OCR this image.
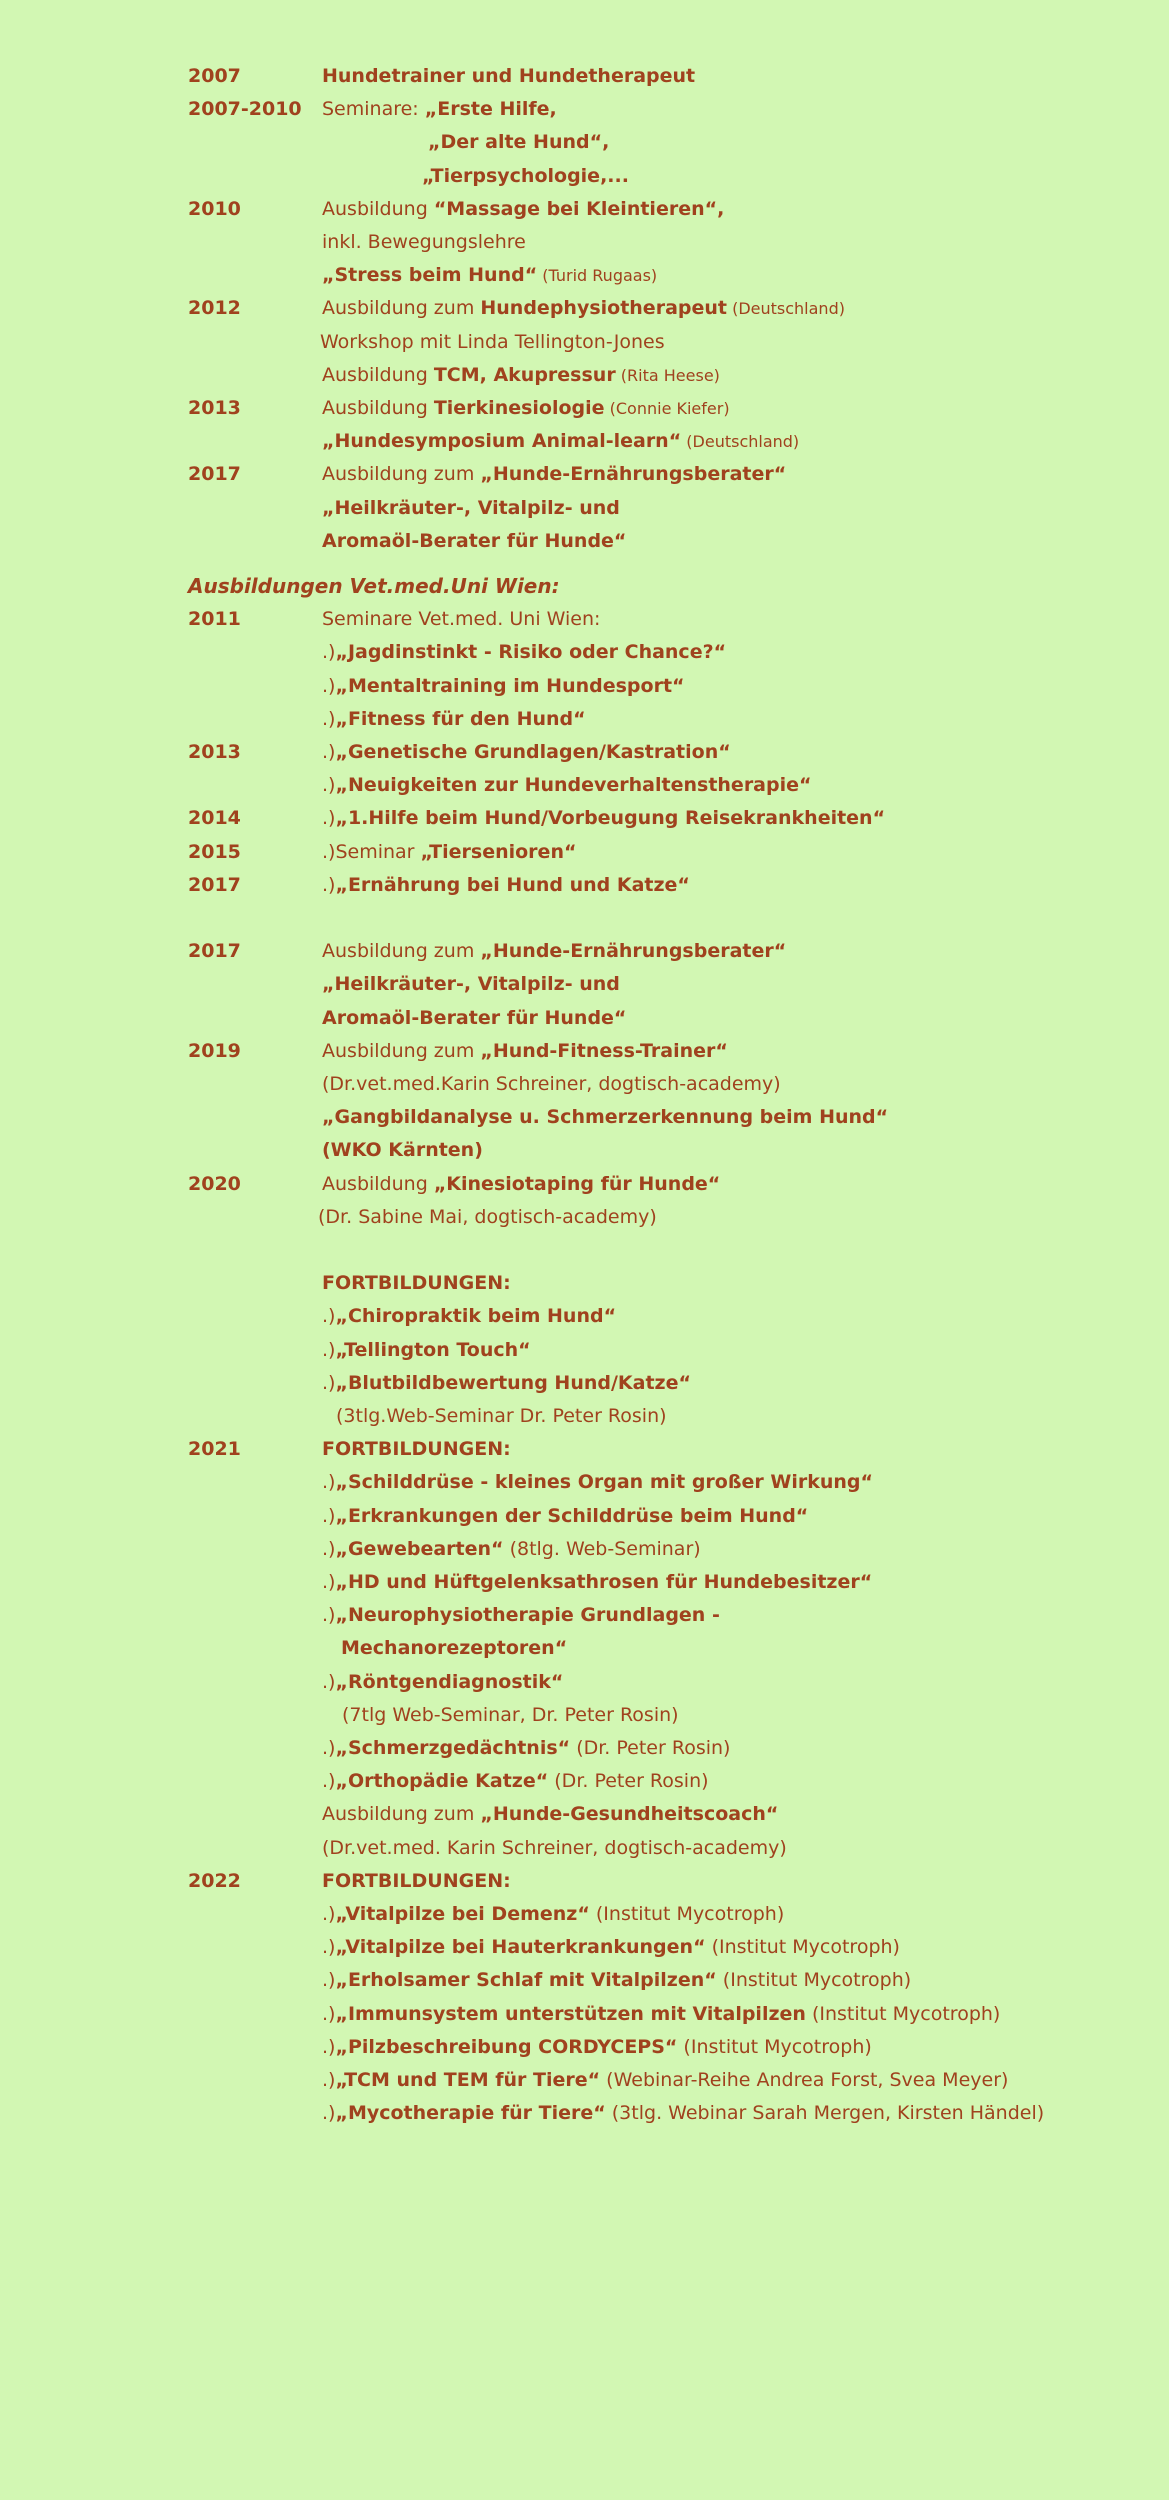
2007	Hundetrainer und Hundetherapeut
2007-2010 Seminare: „Erste Hilfe,
„Der alte Hund“,
„Tierpsychologie,...
2010	Ausbildung “Massage bei Kleintieren“,
inkl. Bewegungslehre
„Stress beim Hund“ (Turid Rugaas)
2012	Ausbildung zum Hundephysiotherapeut (Deutschland)
Workshop mit Linda Tellington-Jones
Ausbildung TCM, Akupressur (Rita Heese)
2013	Ausbildung Tierkinesiologie (Connie Kiefer)
„Hundesymposium Animal-learn“ (Deutschland)
2017	Ausbildung zum „Hunde-Ernährungsberater“
„Heilkräuter-, Vitalpilz- und
Aromaöl-Berater für Hunde“
Ausbildungen Vet.med.Uni Wien:
2011	Seminare Vet.med. Uni Wien:
.)„Jagdinstinkt - Risiko oder Chance?“
.)„Mentaltraining im Hundesport“
.)„Fitness für den Hund“
2013	.)„Genetische Grundlagen/Kastration“
.)„Neuigkeiten zur Hundeverhaltenstherapie“
2014	.)„1.Hilfe beim Hund/Vorbeugung Reisekrankheiten“
2015	.)Seminar „Tiersenioren“
2017	.)„Ernährung bei Hund und Katze“
2017	Ausbildung zum „Hunde-Ernährungsberater“
„Heilkräuter-, Vitalpilz- und
Aromaöl-Berater für Hunde“
2019	Ausbildung zum „Hund-Fitness-Trainer“
(Dr.vet.med.Karin Schreiner, dogtisch-academy)
„Gangbildanalyse u. Schmerzerkennung beim Hund“
(WKO Kärnten)
2020	Ausbildung „Kinesiotaping für Hunde“
(Dr. Sabine Mai, dogtisch-academy)
FORTBILDUNGEN:
.)„Chiropraktik beim Hund“
.)„Tellington Touch“
.)„Blutbildbewertung Hund/Katze“
(3tlg.Web-Seminar Dr. Peter Rosin)
2021	FORTBILDUNGEN:
.)„Schilddrüse - kleines Organ mit großer Wirkung“
.)„Erkrankungen der Schilddrüse beim Hund“
.)„Gewebearten“ (8tlg. Web-Seminar)
.)„HD und Hüftgelenksathrosen für Hundebesitzer“
.)„Neurophysiotherapie Grundlagen -
Mechanorezeptoren“
.)„Röntgendiagnostik“
(7tlg Web-Seminar, Dr. Peter Rosin)
.)„Schmerzgedächtnis“ (Dr. Peter Rosin)
.)„Orthopädie Katze“ (Dr. Peter Rosin)
Ausbildung zum „Hunde-Gesundheitscoach“
(Dr.vet.med. Karin Schreiner, dogtisch-academy)
2022	FORTBILDUNGEN:
.)„Vitalpilze bei Demenz“ (Institut Mycotroph)
.)„Vitalpilze bei Hauterkrankungen“ (Institut Mycotroph)
.)„Erholsamer Schlaf mit Vitalpilzen“ (Institut Mycotroph)
.)„Immunsystem unterstützen mit Vitalpilzen (Institut Mycotroph)
.)„Pilzbeschreibung CORDYCEPS“ (Institut Mycotroph)
.)„TCM und TEM für Tiere“ (Webinar-Reihe Andrea Forst, Svea Meyer)
.)„Mycotherapie für Tiere“ (3tlg. Webinar Sarah Mergen, Kirsten Händel)
